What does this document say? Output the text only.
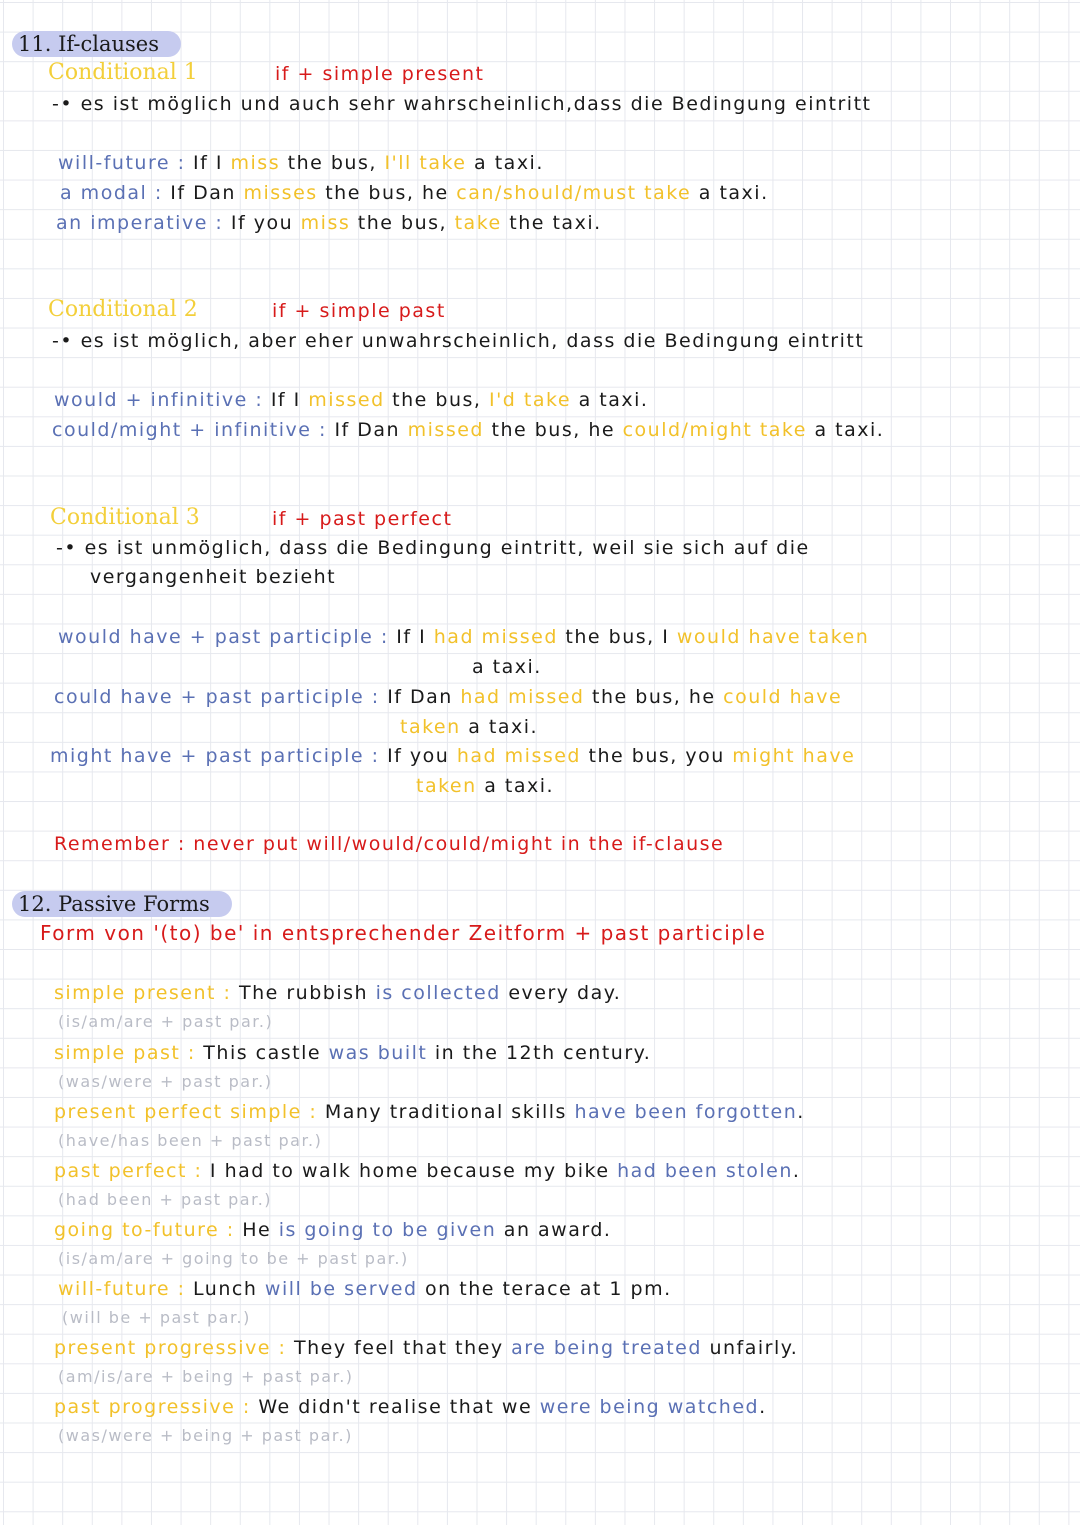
11. If-clauses
Conditional 1	if + simple present
-• es ist möglich und auch sehr wahrscheinlich,dass die Bedingung eintritt
will-future : If I miss the bus, I'll take a taxi.
a modal : If Dan misses the bus, he can/should/must take a taxi.
an imperative : If you miss the bus, take the taxi.
Conditional 2	if + simple past
-• es ist möglich, aber eher unwahrscheinlich, dass die Bedingung eintritt
would + infinitive : If I missed the bus, I'd take a taxi.
could/might + infinitive : If Dan missed the bus, he could/might take a taxi.
Conditional 3	if + past perfect
-• es ist unmöglich, dass die Bedingung eintritt, weil sie sich auf die
vergangenheit bezieht
would have + past participle : If I had missed the bus, I would have taken
a taxi.
could have + past participle : If Dan had missed the bus, he could have
taken a taxi.
might have + past participle : If you had missed the bus, you might have
taken a taxi.
Remember : never put will/would/could/might in the if-clause
12. Passive Forms
Form von '(to) be' in entsprechender Zeitform + past participle
simple present : The rubbish is collected every day.
(is/am/are + past par.)
simple past : This castle was built in the 12th century.
(was/were + past par.)
present perfect simple : Many traditional skills have been forgotten.
(have/has been + past par.)
past perfect : I had to walk home because my bike had been stolen.
(had been + past par.)
going to-future : He is going to be given an award.
(is/am/are + going to be + past par.)
will-future : Lunch will be served on the terace at 1 pm.
(will be + past par.)
present progressive : They feel that they are being treated unfairly.
(am/is/are + being + past par.)
past progressive : We didn't realise that we were being watched.
(was/were + being + past par.)
